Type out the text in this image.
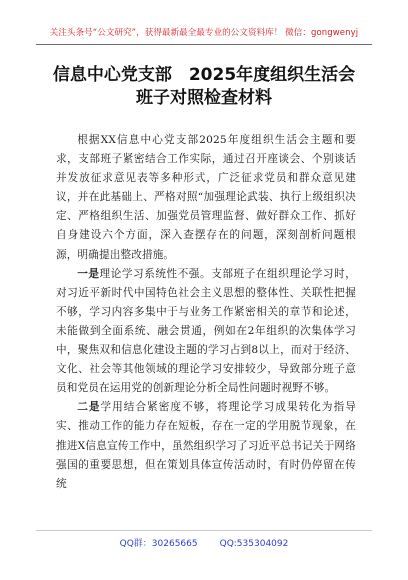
关注头条号“公文研究”，获得最新最全最专业的公文资料库！ 微信：gongwenyj
信息中心党支部　2025年度组织生活会
班子对照检查材料

根据XX信息中心党支部2025年度组织生活会主题和要求，支部班子紧密结合工作实际，通过召开座谈会、个别谈话并发放征求意见表等多种形式，广泛征求党员和群众意见建议，并在此基础上、严格对照“加强理论武装、执行上级组织决定、严格组织生活、加强党员管理监督、做好群众工作、抓好自身建设六个方面，深入查摆存在的问题，深刻剖析问题根源，明确提出整改措施。

一是理论学习系统性不强。支部班子在组织理论学习时，对习近平新时代中国特色社会主义思想的整体性、关联性把握不够，学习内容多集中于与业务工作紧密相关的章节和论述，未能做到全面系统、融会贯通，例如在2年组织的次集体学习中，聚焦双和信息化建设主题的学习占到8以上，而对于经济、文化、社会等其他领域的理论学习安排较少，导致部分班子意员和党员在运用党的创新理论分析全局性问题时视野不够。

二是学用结合紧密度不够，将理论学习成果转化为指导实、推动工作的能力存在短板，存在一定的学用脱节现象，在推进X信息宣传工作中，虽然组织学习了习近平总书记关于网络强国的重要思想，但在策划具体宣传活动时，有时仍停留在传统

QQ群：30265665 QQ:535304092
